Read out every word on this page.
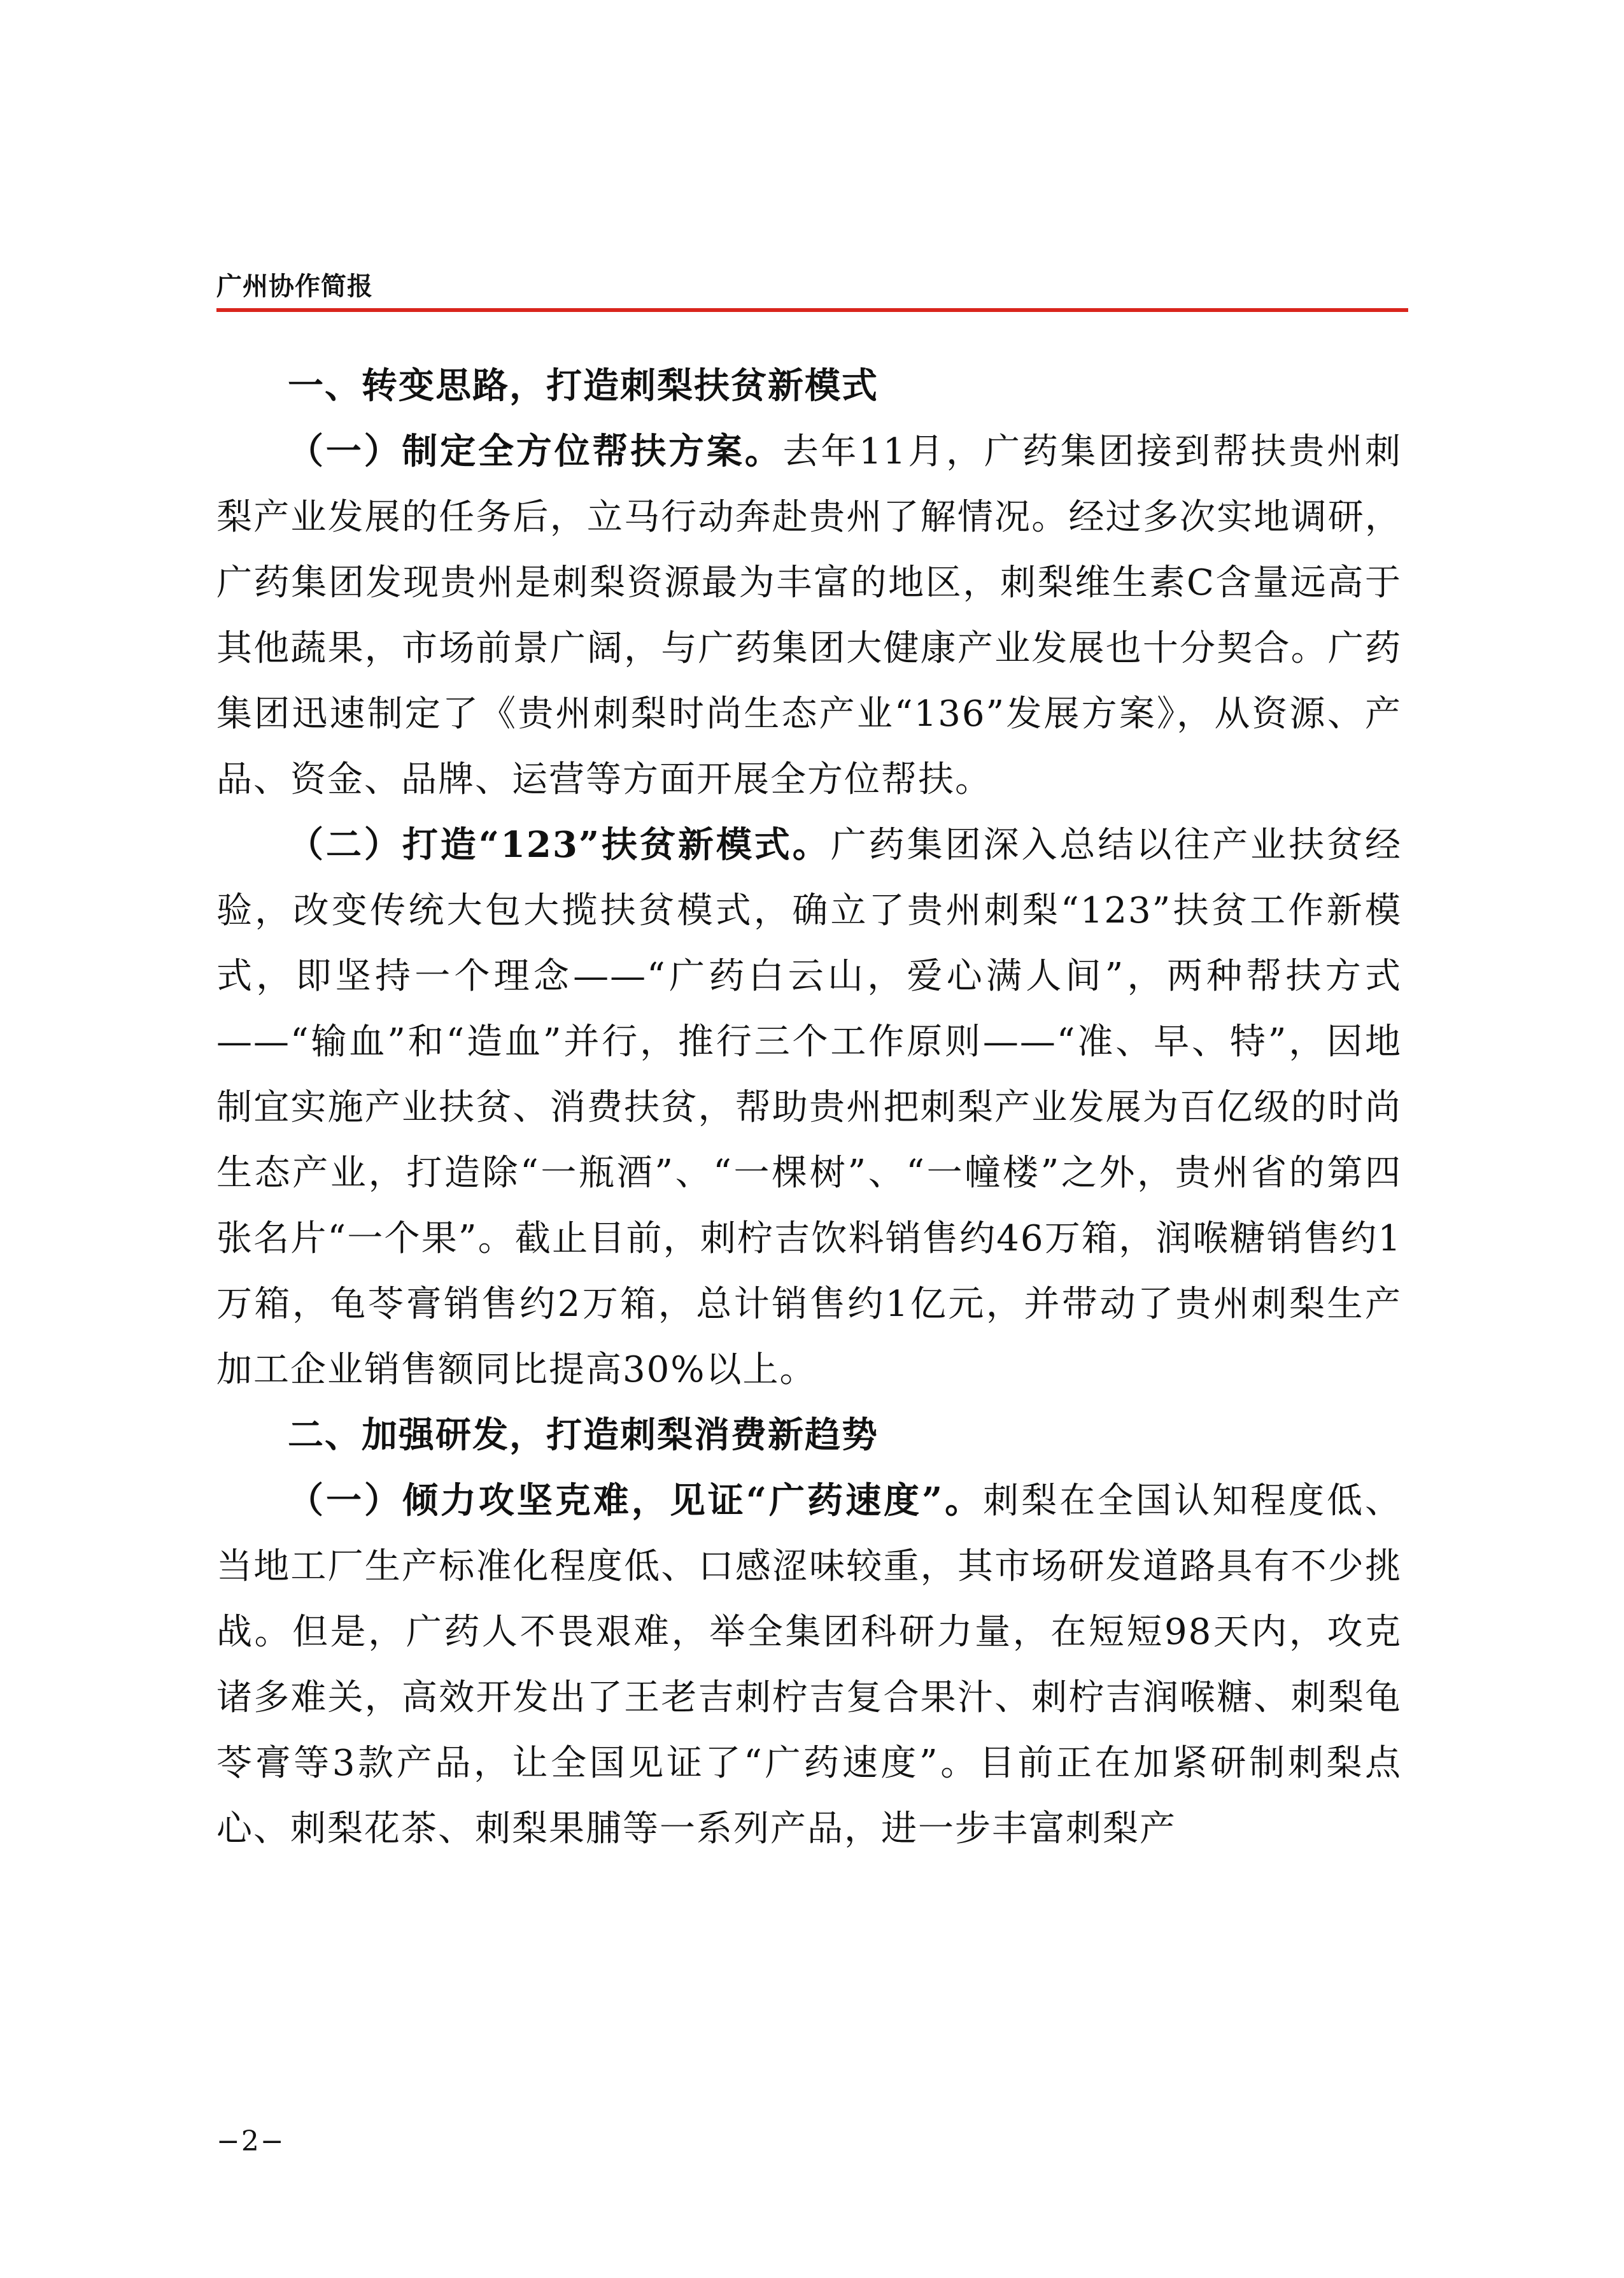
广州协作简报
一、转变思路，打造刺梨扶贫新模式

（一）制定全方位帮扶方案。去年11月，广药集团接到帮扶贵州刺梨产业发展的任务后，立马行动奔赴贵州了解情况。经过多次实地调研，广药集团发现贵州是刺梨资源最为丰富的地区，刺梨维生素C含量远高于其他蔬果，市场前景广阔，与广药集团大健康产业发展也十分契合。广药集团迅速制定了《贵州刺梨时尚生态产业“136”发展方案》，从资源、产品、资金、品牌、运营等方面开展全方位帮扶。

（二）打造“123”扶贫新模式。广药集团深入总结以往产业扶贫经验，改变传统大包大揽扶贫模式，确立了贵州刺梨“123”扶贫工作新模式，即坚持一个理念——“广药白云山，爱心满人间”，两种帮扶方式——“输血”和“造血”并行，推行三个工作原则——“准、早、特”，因地制宜实施产业扶贫、消费扶贫，帮助贵州把刺梨产业发展为百亿级的时尚生态产业，打造除“一瓶酒”、“一棵树”、“一幢楼”之外，贵州省的第四张名片“一个果”。截止目前，刺柠吉饮料销售约46万箱，润喉糖销售约1万箱，龟苓膏销售约2万箱，总计销售约1亿元，并带动了贵州刺梨生产加工企业销售额同比提高30%以上。

二、加强研发，打造刺梨消费新趋势

（一）倾力攻坚克难，见证“广药速度”。刺梨在全国认知程度低、当地工厂生产标准化程度低、口感涩味较重，其市场研发道路具有不少挑战。但是，广药人不畏艰难，举全集团科研力量，在短短98天内，攻克诸多难关，高效开发出了王老吉刺柠吉复合果汁、刺柠吉润喉糖、刺梨龟苓膏等3款产品，让全国见证了“广药速度”。目前正在加紧研制刺梨点心、刺梨花茶、刺梨果脯等一系列产品，进一步丰富刺梨产

−2−
